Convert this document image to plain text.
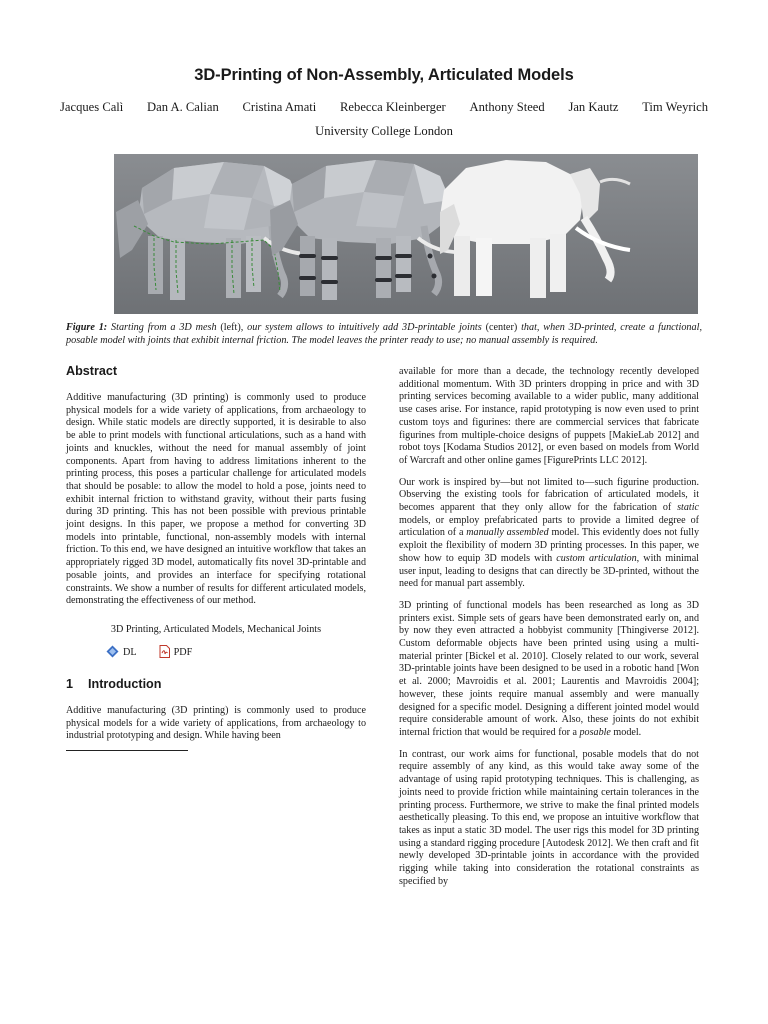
3D-Printing of Non-Assembly, Articulated Models
Jacques Calì Dan A. Calian Cristina Amati Rebecca Kleinberger Anthony Steed Jan Kautz Tim Weyrich
University College London
Figure 1: Starting from a 3D mesh (left), our system allows to intuitively add 3D-printable joints (center) that, when 3D-printed, create a functional, posable model with joints that exhibit internal friction. The model leaves the printer ready to use; no manual assembly is required.
Abstract

Additive manufacturing (3D printing) is commonly used to produce physical models for a wide variety of applications, from archaeology to design. While static models are directly supported, it is desirable to also be able to print models with functional articulations, such as a hand with joints and knuckles, without the need for manual assembly of joint components. Apart from having to address limitations inherent to the printing process, this poses a particular challenge for articulated models that should be posable: to allow the model to hold a pose, joints need to exhibit internal friction to withstand gravity, without their parts fusing during 3D printing. This has not been possible with previous printable joint designs. In this paper, we propose a method for converting 3D models into printable, functional, non-assembly models with internal friction. To this end, we have designed an intuitive workflow that takes an appropriately rigged 3D model, automatically fits novel 3D-printable and posable joints, and provides an interface for specifying rotational constraints. We show a number of results for different articulated models, demonstrating the effectiveness of our method.

3D Printing, Articulated Models, Mechanical Joints
DL	PDF
1 Introduction

Additive manufacturing (3D printing) is commonly used to produce physical models for a wide variety of applications, from archaeology to industrial prototyping and design. While having been

available for more than a decade, the technology recently developed additional momentum. With 3D printers dropping in price and with 3D printing services becoming available to a wider public, many additional use cases arise. For instance, rapid prototyping is now even used to print custom toys and figurines: there are commercial services that fabricate figurines from multiple-choice designs of puppets [MakieLab 2012] and robot toys [Kodama Studios 2012], or even based on models from World of Warcraft and other online games [FigurePrints LLC 2012].

Our work is inspired by—but not limited to—such figurine production. Observing the existing tools for fabrication of articulated models, it becomes apparent that they only allow for the fabrication of static models, or employ prefabricated parts to provide a limited degree of articulation of a manually assembled model. This evidently does not fully exploit the flexibility of modern 3D printing processes. In this paper, we show how to equip 3D models with custom articulation, with minimal user input, leading to designs that can directly be 3D-printed, without the need for manual part assembly.

3D printing of functional models has been researched as long as 3D printers exist. Simple sets of gears have been demonstrated early on, and by now they even attracted a hobbyist community [Thingiverse 2012]. Custom deformable objects have been printed using using a multi-material printer [Bickel et al. 2010]. Closely related to our work, several 3D-printable joints have been designed to be used in a robotic hand [Won et al. 2000; Mavroidis et al. 2001; Laurentis and Mavroidis 2004]; however, these joints require manual assembly and were manually designed for a specific model. Designing a different jointed model would require considerable amount of work. Also, these joints do not exhibit internal friction that would be required for a posable model.

In contrast, our work aims for functional, posable models that do not require assembly of any kind, as this would take away some of the advantage of using rapid prototyping techniques. This is challenging, as joints need to provide friction while maintaining certain tolerances in the printing process. Furthermore, we strive to make the final printed models aesthetically pleasing. To this end, we propose an intuitive workflow that takes as input a static 3D model. The user rigs this model for 3D printing using a standard rigging procedure [Autodesk 2012]. We then craft and fit newly developed 3D-printable joints in accordance with the provided rigging while taking into consideration the rotational constraints as specified by
